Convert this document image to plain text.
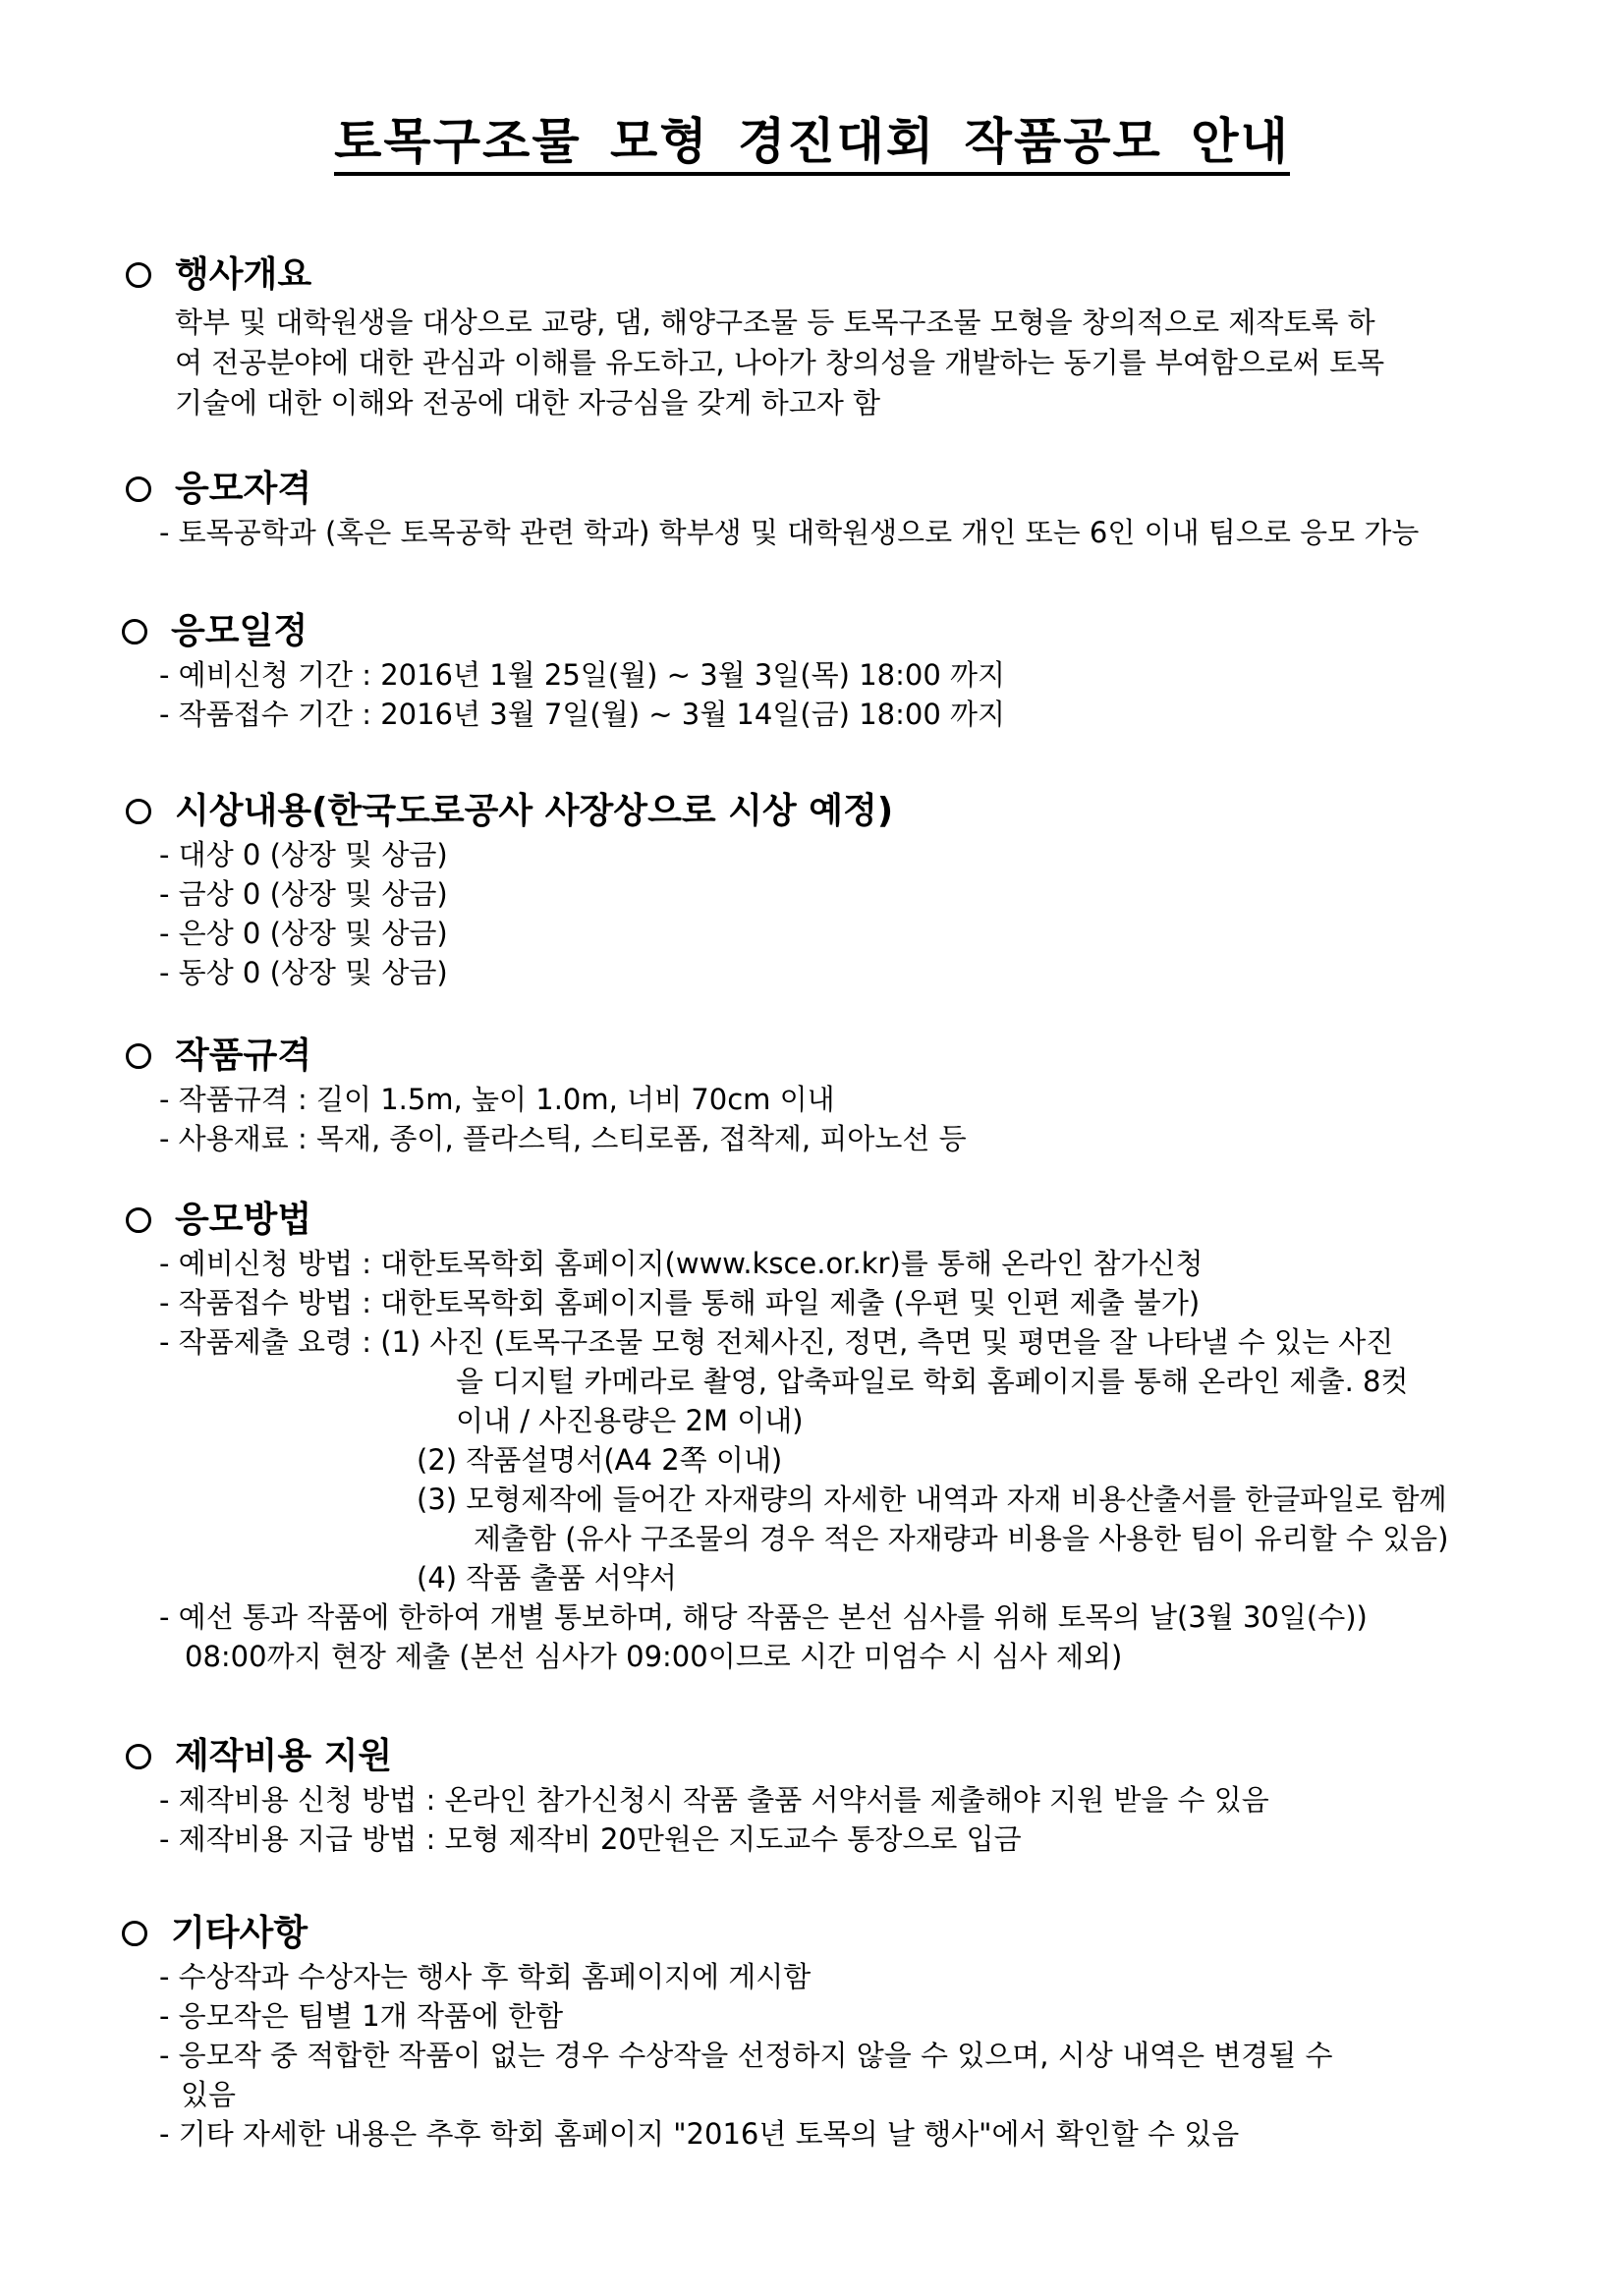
토목구조물 모형 경진대회 작품공모 안내
행사개요
학부 및 대학원생을 대상으로 교량, 댐, 해양구조물 등 토목구조물 모형을 창의적으로 제작토록 하
여 전공분야에 대한 관심과 이해를 유도하고, 나아가 창의성을 개발하는 동기를 부여함으로써 토목
기술에 대한 이해와 전공에 대한 자긍심을 갖게 하고자 함
응모자격
- 토목공학과 (혹은 토목공학 관련 학과) 학부생 및 대학원생으로 개인 또는 6인 이내 팀으로 응모 가능
응모일정
- 예비신청 기간 : 2016년 1월 25일(월) ~ 3월 3일(목) 18:00 까지
- 작품접수 기간 : 2016년 3월 7일(월) ~ 3월 14일(금) 18:00 까지
시상내용(한국도로공사 사장상으로 시상 예정)
- 대상 0 (상장 및 상금)
- 금상 0 (상장 및 상금)
- 은상 0 (상장 및 상금)
- 동상 0 (상장 및 상금)
작품규격
- 작품규격 : 길이 1.5m, 높이 1.0m, 너비 70cm 이내
- 사용재료 : 목재, 종이, 플라스틱, 스티로폼, 접착제, 피아노선 등
응모방법
- 예비신청 방법 : 대한토목학회 홈페이지(www.ksce.or.kr)를 통해 온라인 참가신청
- 작품접수 방법 : 대한토목학회 홈페이지를 통해 파일 제출 (우편 및 인편 제출 불가)
- 작품제출 요령 : (1) 사진 (토목구조물 모형 전체사진, 정면, 측면 및 평면을 잘 나타낼 수 있는 사진
을 디지털 카메라로 촬영, 압축파일로 학회 홈페이지를 통해 온라인 제출. 8컷
이내 / 사진용량은 2M 이내)
(2) 작품설명서(A4 2쪽 이내)
(3) 모형제작에 들어간 자재량의 자세한 내역과 자재 비용산출서를 한글파일로 함께
제출함 (유사 구조물의 경우 적은 자재량과 비용을 사용한 팀이 유리할 수 있음)
(4) 작품 출품 서약서
- 예선 통과 작품에 한하여 개별 통보하며, 해당 작품은 본선 심사를 위해 토목의 날(3월 30일(수))
08:00까지 현장 제출 (본선 심사가 09:00이므로 시간 미엄수 시 심사 제외)
제작비용 지원
- 제작비용 신청 방법 : 온라인 참가신청시 작품 출품 서약서를 제출해야 지원 받을 수 있음
- 제작비용 지급 방법 : 모형 제작비 20만원은 지도교수 통장으로 입금
기타사항
- 수상작과 수상자는 행사 후 학회 홈페이지에 게시함
- 응모작은 팀별 1개 작품에 한함
- 응모작 중 적합한 작품이 없는 경우 수상작을 선정하지 않을 수 있으며, 시상 내역은 변경될 수
있음
- 기타 자세한 내용은 추후 학회 홈페이지 "2016년 토목의 날 행사"에서 확인할 수 있음
